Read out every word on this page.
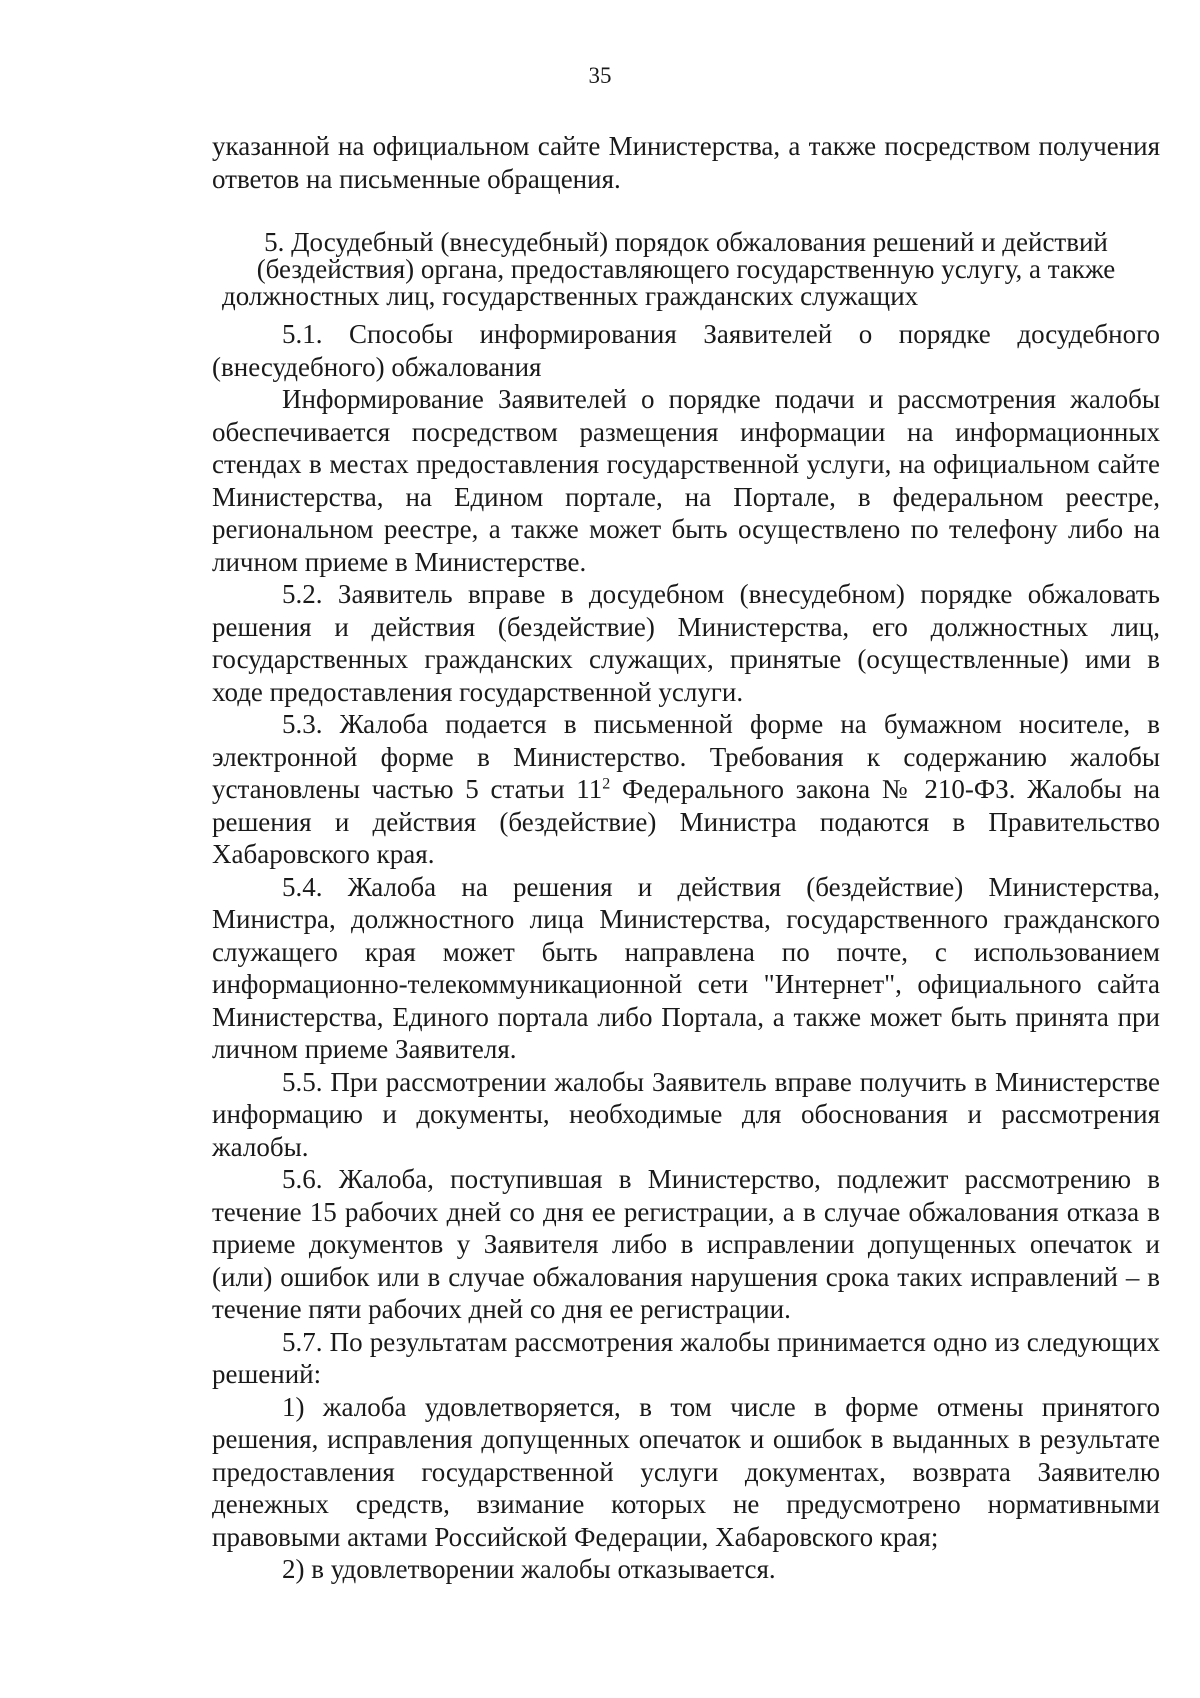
35

указанной на официальном сайте Министерства, а также посредством получения ответов на письменные обращения.

5. Досудебный (внесудебный) порядок обжалования решений и действий (бездействия) органа, предоставляющего государственную услугу, а также должностных лиц, государственных гражданских служащих

5.1. Способы информирования Заявителей о порядке досудебного (внесудебного) обжалования

Информирование Заявителей о порядке подачи и рассмотрения жалобы обеспечивается посредством размещения информации на информационных стендах в местах предоставления государственной услуги, на официальном сайте Министерства, на Едином портале, на Портале, в федеральном реестре, региональном реестре, а также может быть осуществлено по телефону либо на личном приеме в Министерстве.

5.2. Заявитель вправе в досудебном (внесудебном) порядке обжаловать решения и действия (бездействие) Министерства, его должностных лиц, государственных гражданских служащих, принятые (осуществленные) ими в ходе предоставления государственной услуги.

5.3. Жалоба подается в письменной форме на бумажном носителе, в электронной форме в Министерство. Требования к содержанию жалобы установлены частью 5 статьи $11^2$ Федерального закона № 210-ФЗ. Жалобы на решения и действия (бездействие) Министра подаются в Правительство Хабаровского края.

5.4. Жалоба на решения и действия (бездействие) Министерства, Министра, должностного лица Министерства, государственного гражданского служащего края может быть направлена по почте, с использованием информационно-телекоммуникационной сети "Интернет", официального сайта Министерства, Единого портала либо Портала, а также может быть принята при личном приеме Заявителя.

5.5. При рассмотрении жалобы Заявитель вправе получить в Министерстве информацию и документы, необходимые для обоснования и рассмотрения жалобы.

5.6. Жалоба, поступившая в Министерство, подлежит рассмотрению в течение 15 рабочих дней со дня ее регистрации, а в случае обжалования отказа в приеме документов у Заявителя либо в исправлении допущенных опечаток и (или) ошибок или в случае обжалования нарушения срока таких исправлений – в течение пяти рабочих дней со дня ее регистрации.

5.7. По результатам рассмотрения жалобы принимается одно из следующих решений:

1) жалоба удовлетворяется, в том числе в форме отмены принятого решения, исправления допущенных опечаток и ошибок в выданных в результате предоставления государственной услуги документах, возврата Заявителю денежных средств, взимание которых не предусмотрено нормативными правовыми актами Российской Федерации, Хабаровского края;

2) в удовлетворении жалобы отказывается.
